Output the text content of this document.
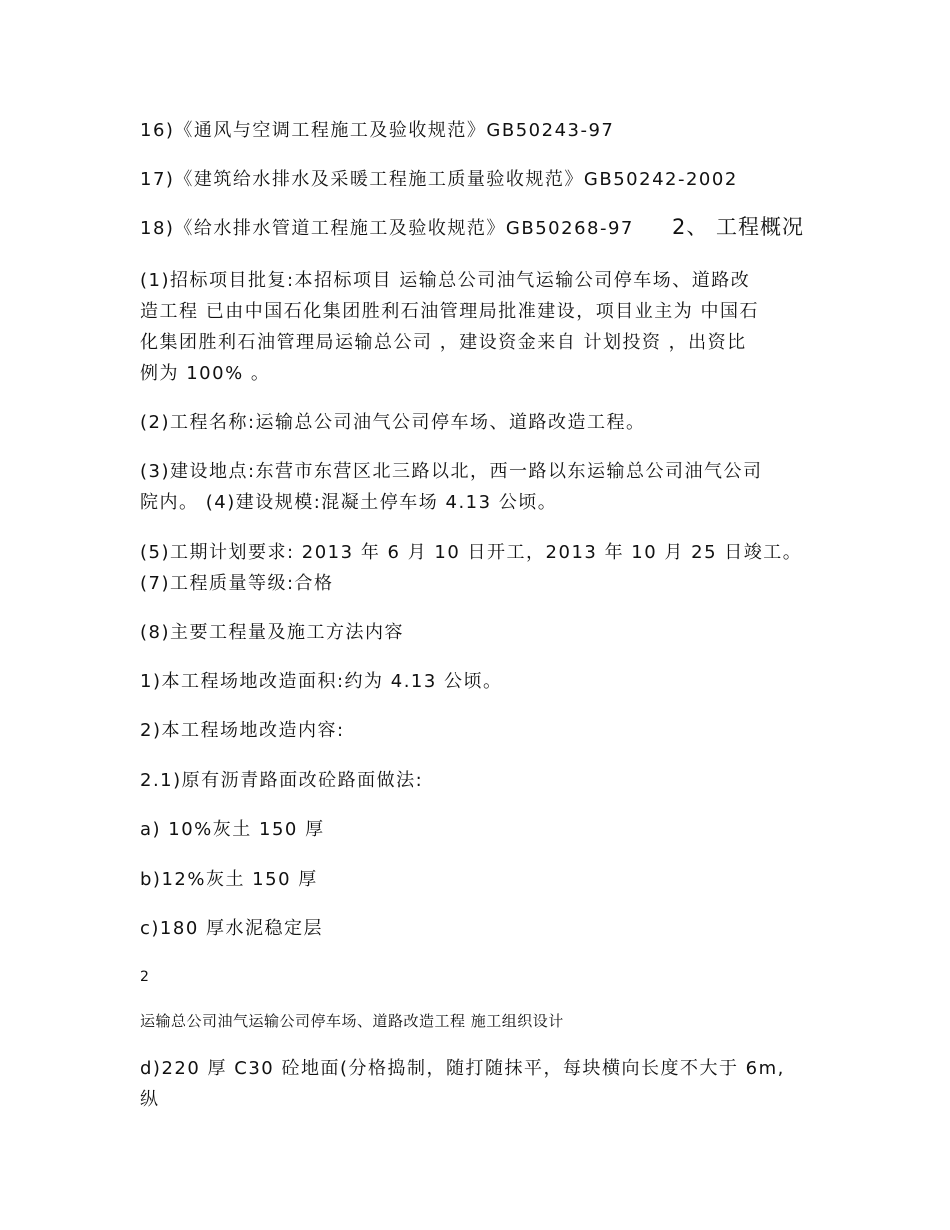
16)《通风与空调工程施工及验收规范》GB50243-97

17)《建筑给水排水及采暖工程施工质量验收规范》GB50242-2002

18)《给水排水管道工程施工及验收规范》GB50268-97 2、 工程概况

(1)招标项目批复:本招标项目 运输总公司油气运输公司停车场、道路改

造工程 已由中国石化集团胜利石油管理局批准建设，项目业主为 中国石

化集团胜利石油管理局运输总公司 ，建设资金来自 计划投资 ，出资比

例为 100% 。

(2)工程名称:运输总公司油气公司停车场、道路改造工程。

(3)建设地点:东营市东营区北三路以北，西一路以东运输总公司油气公司

院内。 (4)建设规模:混凝土停车场 4.13 公顷。

(5)工期计划要求: 2013 年 6 月 10 日开工，2013 年 10 月 25 日竣工。

(7)工程质量等级:合格

(8)主要工程量及施工方法内容

1)本工程场地改造面积:约为 4.13 公顷。

2)本工程场地改造内容:

2.1)原有沥青路面改砼路面做法:

a) 10%灰土 150 厚

b)12%灰土 150 厚

c)180 厚水泥稳定层

2

运输总公司油气运输公司停车场、道路改造工程 施工组织设计

d)220 厚 C30 砼地面(分格捣制，随打随抹平，每块横向长度不大于 6m,

纵
